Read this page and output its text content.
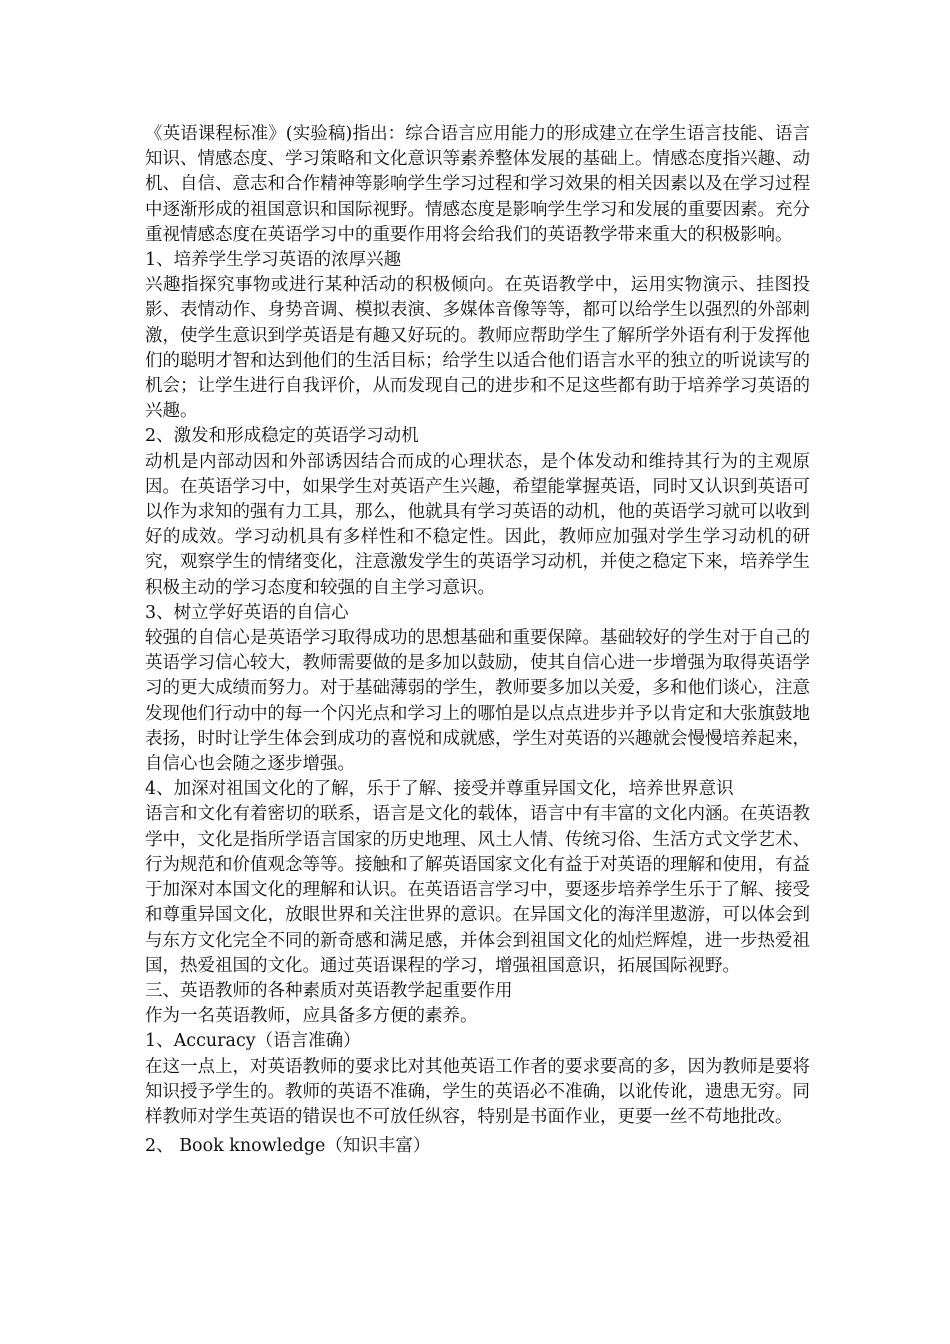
《英语课程标准》(实验稿)指出：综合语言应用能力的形成建立在学生语言技能、语言知识、情感态度、学习策略和文化意识等素养整体发展的基础上。情感态度指兴趣、动机、自信、意志和合作精神等影响学生学习过程和学习效果的相关因素以及在学习过程中逐渐形成的祖国意识和国际视野。情感态度是影响学生学习和发展的重要因素。充分重视情感态度在英语学习中的重要作用将会给我们的英语教学带来重大的积极影响。

1、培养学生学习英语的浓厚兴趣

兴趣指探究事物或进行某种活动的积极倾向。在英语教学中，运用实物演示、挂图投影、表情动作、身势音调、模拟表演、多媒体音像等等，都可以给学生以强烈的外部刺激，使学生意识到学英语是有趣又好玩的。教师应帮助学生了解所学外语有利于发挥他们的聪明才智和达到他们的生活目标；给学生以适合他们语言水平的独立的听说读写的机会；让学生进行自我评价，从而发现自己的进步和不足这些都有助于培养学习英语的兴趣。

2、激发和形成稳定的英语学习动机

动机是内部动因和外部诱因结合而成的心理状态，是个体发动和维持其行为的主观原因。在英语学习中，如果学生对英语产生兴趣，希望能掌握英语，同时又认识到英语可以作为求知的强有力工具，那么，他就具有学习英语的动机，他的英语学习就可以收到好的成效。学习动机具有多样性和不稳定性。因此，教师应加强对学生学习动机的研究，观察学生的情绪变化，注意激发学生的英语学习动机，并使之稳定下来，培养学生积极主动的学习态度和较强的自主学习意识。

3、树立学好英语的自信心

较强的自信心是英语学习取得成功的思想基础和重要保障。基础较好的学生对于自己的英语学习信心较大，教师需要做的是多加以鼓励，使其自信心进一步增强为取得英语学习的更大成绩而努力。对于基础薄弱的学生，教师要多加以关爱，多和他们谈心，注意发现他们行动中的每一个闪光点和学习上的哪怕是以点点进步并予以肯定和大张旗鼓地表扬，时时让学生体会到成功的喜悦和成就感，学生对英语的兴趣就会慢慢培养起来，自信心也会随之逐步增强。

4、加深对祖国文化的了解，乐于了解、接受并尊重异国文化，培养世界意识

语言和文化有着密切的联系，语言是文化的载体，语言中有丰富的文化内涵。在英语教学中，文化是指所学语言国家的历史地理、风土人情、传统习俗、生活方式文学艺术、行为规范和价值观念等等。接触和了解英语国家文化有益于对英语的理解和使用，有益于加深对本国文化的理解和认识。在英语语言学习中，要逐步培养学生乐于了解、接受和尊重异国文化，放眼世界和关注世界的意识。在异国文化的海洋里遨游，可以体会到与东方文化完全不同的新奇感和满足感，并体会到祖国文化的灿烂辉煌，进一步热爱祖国，热爱祖国的文化。通过英语课程的学习，增强祖国意识，拓展国际视野。

三、英语教师的各种素质对英语教学起重要作用

作为一名英语教师，应具备多方便的素养。

1、Accuracy（语言准确）

在这一点上，对英语教师的要求比对其他英语工作者的要求要高的多，因为教师是要将知识授予学生的。教师的英语不准确，学生的英语必不准确，以讹传讹，遗患无穷。同样教师对学生英语的错误也不可放任纵容，特别是书面作业，更要一丝不苟地批改。

2、 Book knowledge（知识丰富）
